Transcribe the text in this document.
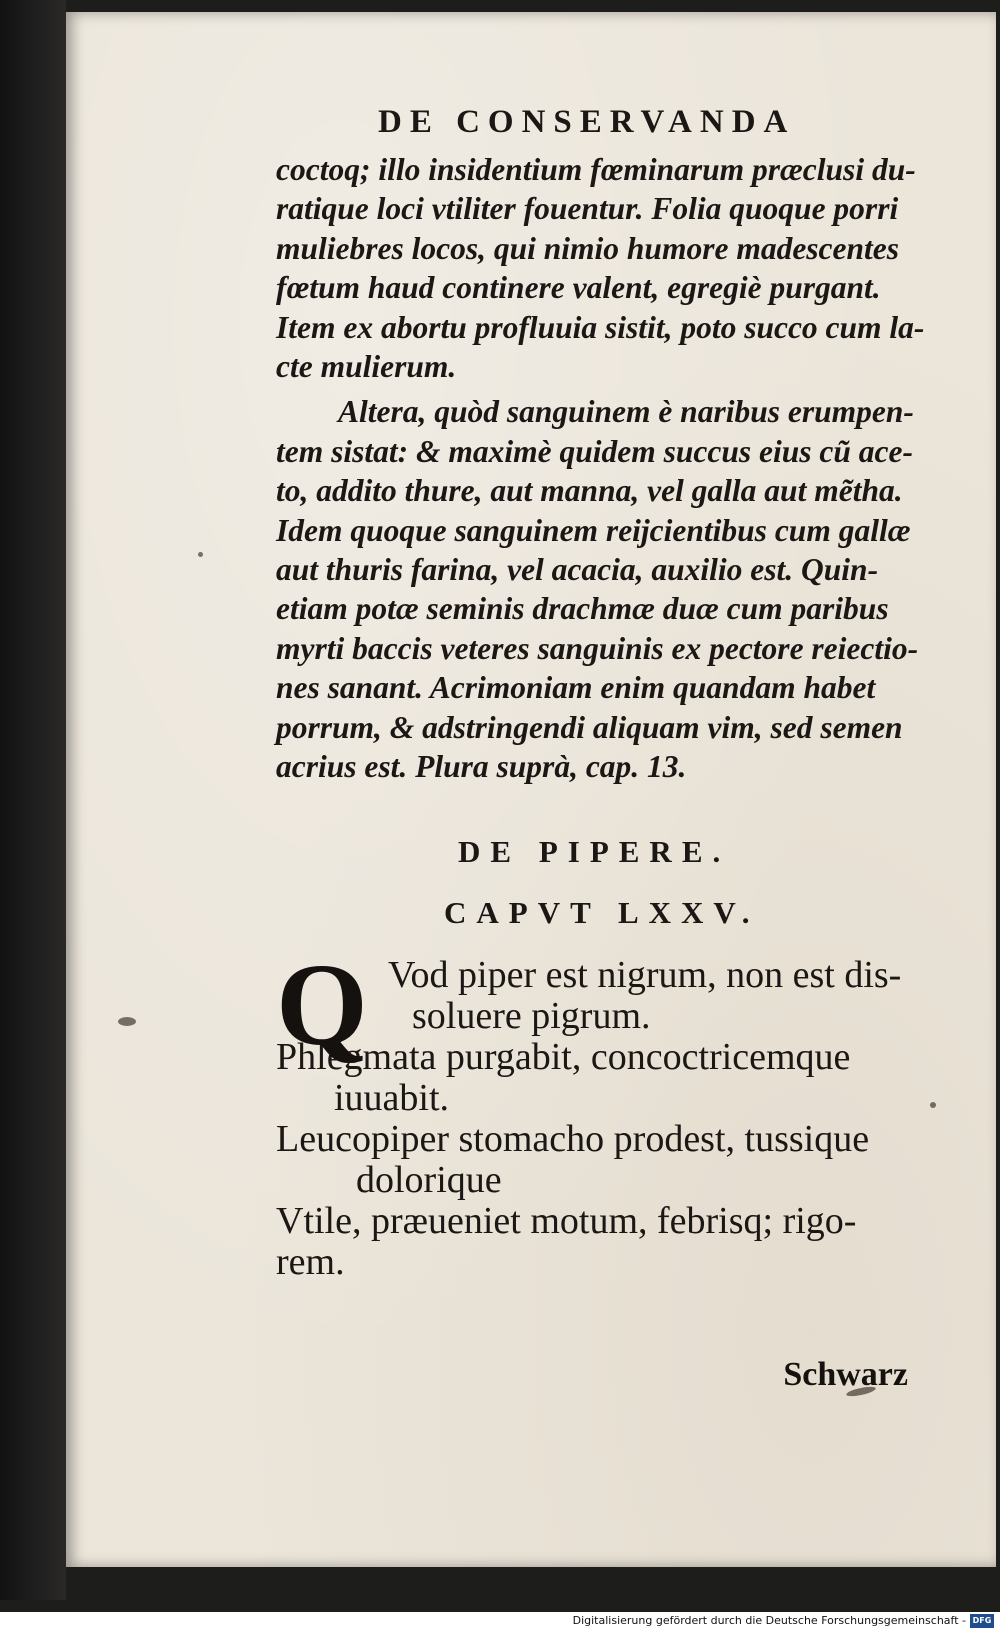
DE CONSERVANDA

coctoq; illo insidentium fœminarum præclusi du-
ratique loci vtiliter fouentur. Folia quoque porri
muliebres locos, qui nimio humore madescentes
fœtum haud continere valent, egregiè purgant.
Item ex abortu profluuia sistit, poto succo cum la-
cte mulierum.

Altera, quòd sanguinem è naribus erumpen-
tem sistat: & maximè quidem succus eius cũ ace-
to, addito thure, aut manna, vel galla aut mẽtha.
Idem quoque sanguinem reijcientibus cum gallæ
aut thuris farina, vel acacia, auxilio est. Quin-
etiam potæ seminis drachmæ duæ cum paribus
myrti baccis veteres sanguinis ex pectore reiectio-
nes sanant. Acrimoniam enim quandam habet
porrum, & adstringendi aliquam vim, sed semen
acrius est. Plura suprà, cap. 13.

DE PIPERE.
CAPVT LXXV.
Q Vod piper est nigrum, non est dis-
soluere pigrum.
Phlegmata purgabit, concoctricemque
iuuabit.
Leucopiper stomacho prodest, tussique
dolorique
Vtile, præueniet motum, febrisq; rigo-
rem.
Schwarz
Digitalisierung gefördert durch die Deutsche Forschungsgemeinschaft - DFG
